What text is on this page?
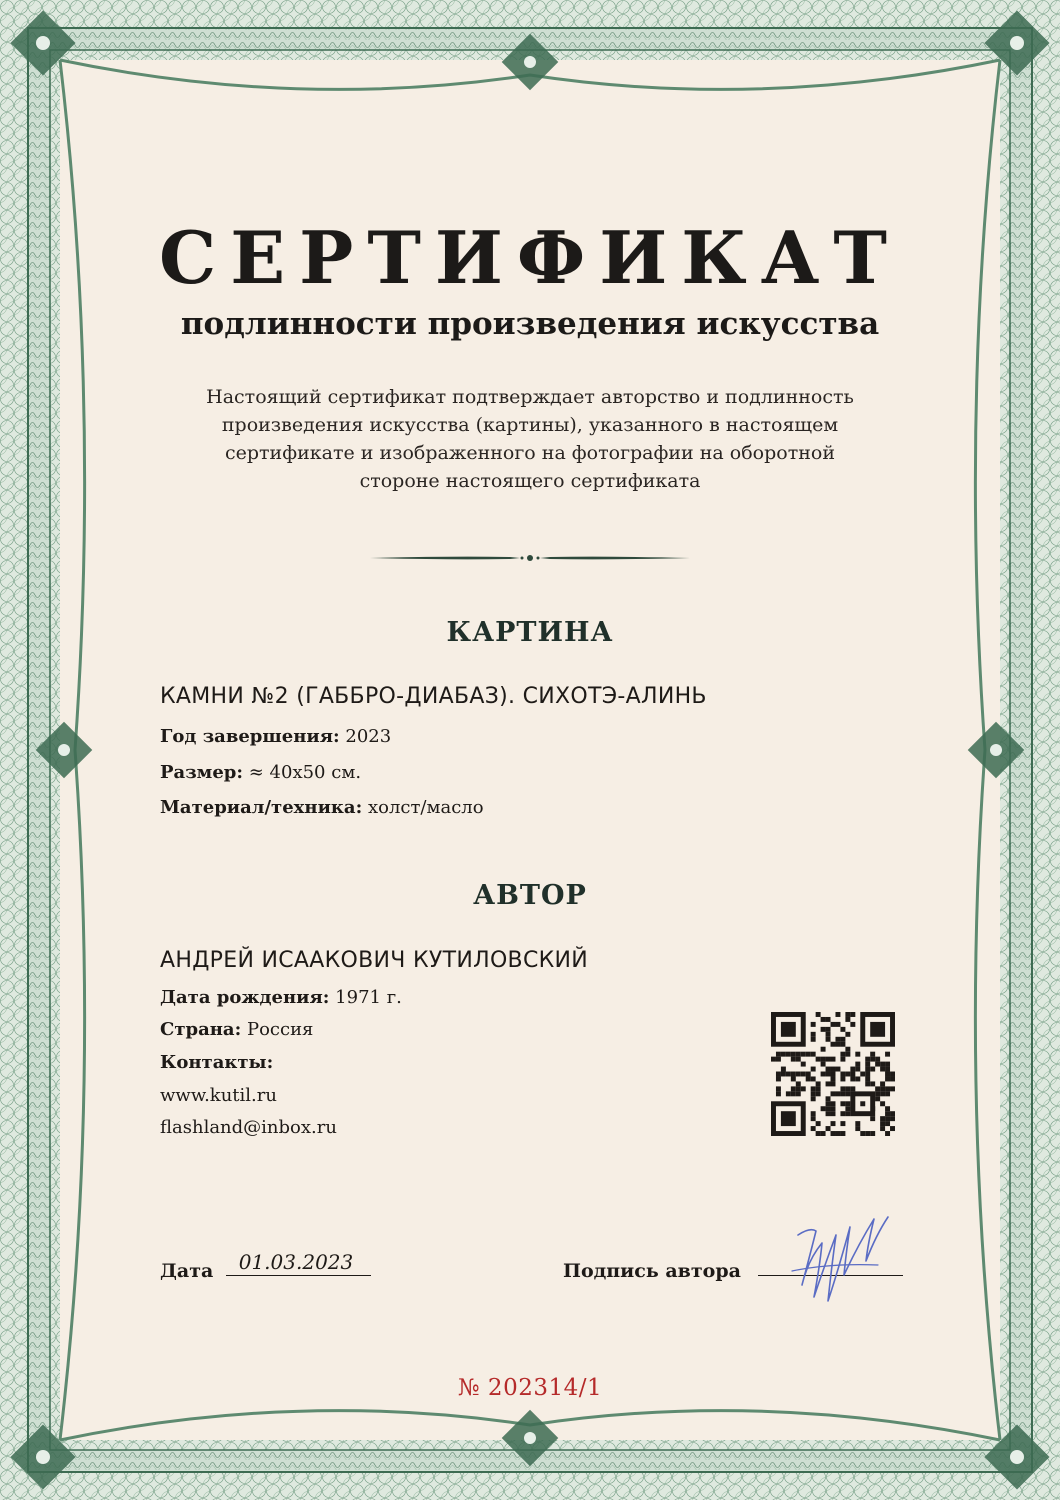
СЕРТИФИКАТ
подлинности произведения искусства
Настоящий сертификат подтверждает авторство и подлинность
произведения искусства (картины), указанного в настоящем
сертификате и изображенного на фотографии на оборотной
стороне настоящего сертификата
КАРТИНА
КАМНИ №2 (ГАББРО-ДИАБАЗ). СИХОТЭ-АЛИНЬ
Год завершения: 2023
Размер: ≈ 40х50 см.
Материал/техника: холст/масло
АВТОР
АНДРЕЙ ИСААКОВИЧ КУТИЛОВСКИЙ
Дата рождения: 1971 г.
Страна: Россия
Контакты:
www.kutil.ru
flashland@inbox.ru
Дата	01.03.2023	Подпись автора
№ 202314/1
